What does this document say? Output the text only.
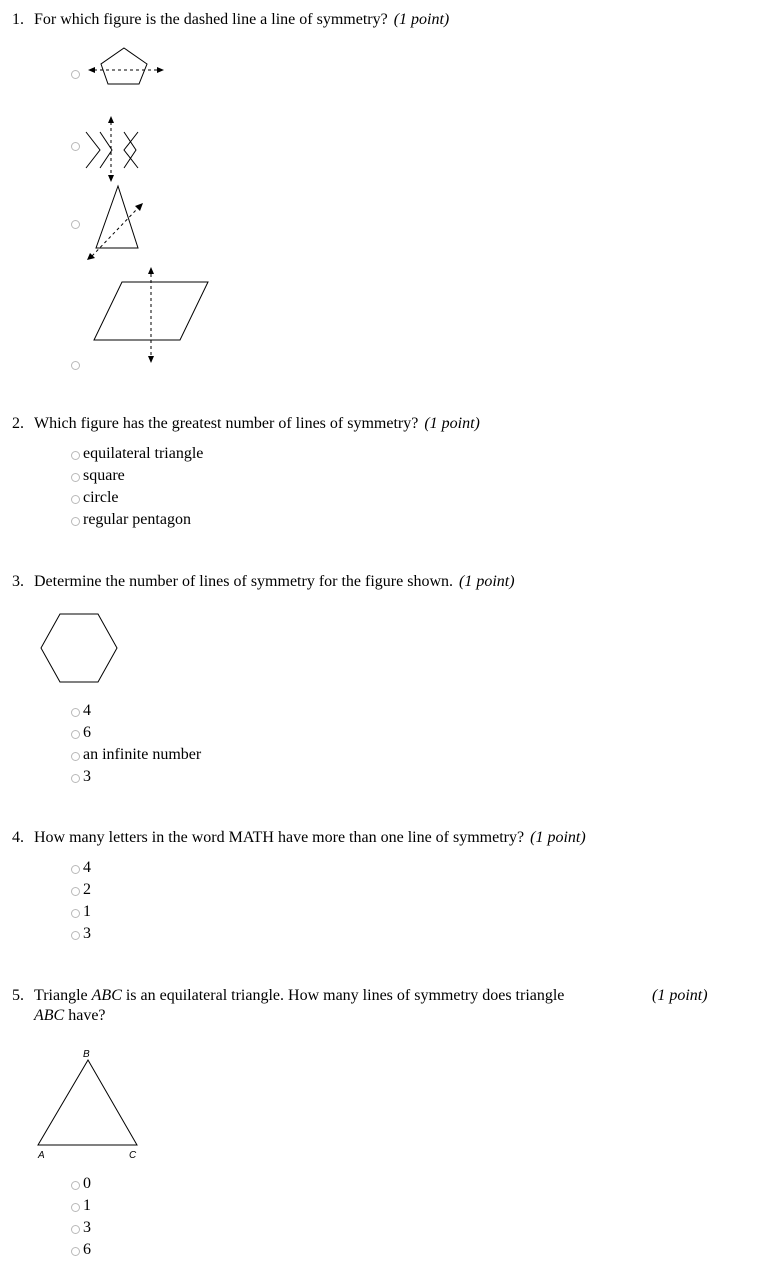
1. For which figure is the dashed line a line of symmetry? (1 point)
2. Which figure has the greatest number of lines of symmetry? (1 point)
equilateral triangle
square
circle
regular pentagon
3. Determine the number of lines of symmetry for the figure shown. (1 point)
4
6
an infinite number
3
4. How many letters in the word MATH have more than one line of symmetry? (1 point)
4
2
1
3
5. Triangle ABC is an equilateral triangle. How many lines of symmetry does triangle
ABC have?
(1 point)
B
A	C
0
1
3
6
